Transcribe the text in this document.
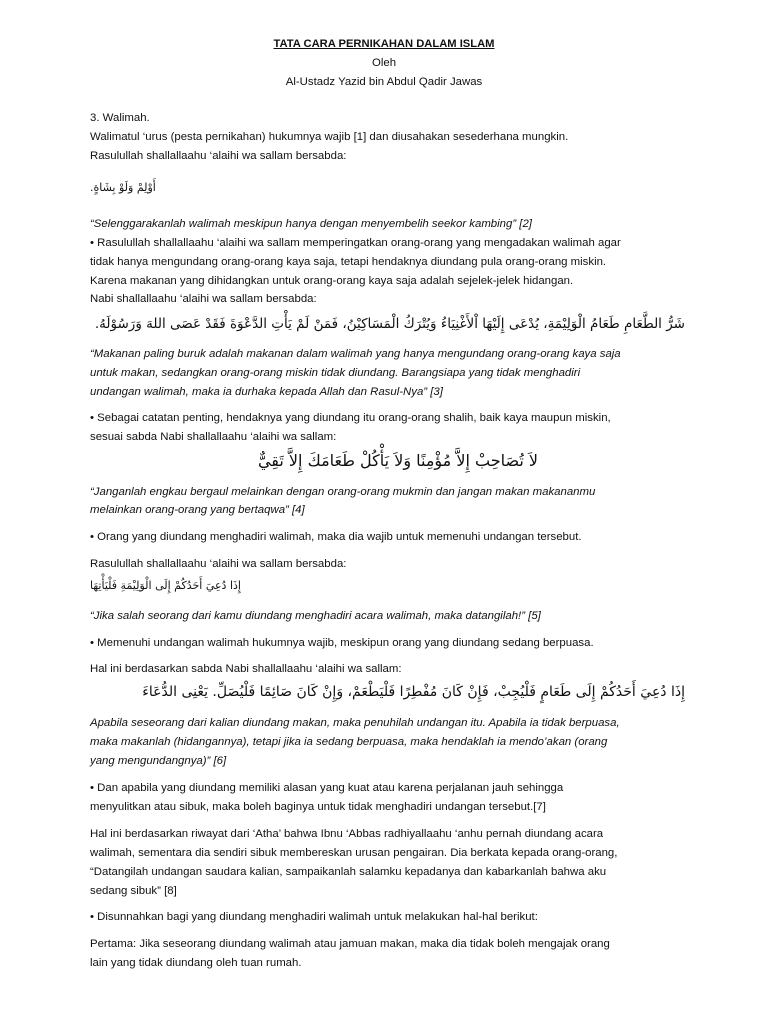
TATA CARA PERNIKAHAN DALAM ISLAM
Oleh
Al-Ustadz Yazid bin Abdul Qadir Jawas
3. Walimah.
Walimatul ‘urus (pesta pernikahan) hukumnya wajib [1] dan diusahakan sesederhana mungkin.
Rasulullah shallallaahu ‘alaihi wa sallam bersabda:
أَوْلِمْ وَلَوْ بِشَاةٍ.
“Selenggarakanlah walimah meskipun hanya dengan menyembelih seekor kambing” [2]
• Rasulullah shallallaahu ‘alaihi wa sallam memperingatkan orang-orang yang mengadakan walimah agar
tidak hanya mengundang orang-orang kaya saja, tetapi hendaknya diundang pula orang-orang miskin.
Karena makanan yang dihidangkan untuk orang-orang kaya saja adalah sejelek-jelek hidangan.
Nabi shallallaahu ‘alaihi wa sallam bersabda:
شَرُّ الطَّعَامِ طَعَامُ الْوَلِيْمَةِ، يُدْعَى إِلَيْهَا اْلأَغْنِيَاءُ وَيُتْرَكُ الْمَسَاكِيْنُ، فَمَنْ لَمْ يَأْتِ الدَّعْوَةَ فَقَدْ عَصَى اللهَ وَرَسُوْلَهُ.
“Makanan paling buruk adalah makanan dalam walimah yang hanya mengundang orang-orang kaya saja
untuk makan, sedangkan orang-orang miskin tidak diundang. Barangsiapa yang tidak menghadiri
undangan walimah, maka ia durhaka kepada Allah dan Rasul-Nya” [3]
• Sebagai catatan penting, hendaknya yang diundang itu orang-orang shalih, baik kaya maupun miskin,
sesuai sabda Nabi shallallaahu ‘alaihi wa sallam:
لاَ تُصَاحِبْ إِلاَّ مُؤْمِنًا وَلاَ يَأْكُلْ طَعَامَكَ إِلاَّ تَقِيٌّ
“Janganlah engkau bergaul melainkan dengan orang-orang mukmin dan jangan makan makananmu
melainkan orang-orang yang bertaqwa” [4]
• Orang yang diundang menghadiri walimah, maka dia wajib untuk memenuhi undangan tersebut.
Rasulullah shallallaahu ‘alaihi wa sallam bersabda:
إِذَا دُعِيَ أَحَدُكُمْ إِلَى الْوَلِيْمَةِ فَلْيَأْتِهَا
“Jika salah seorang dari kamu diundang menghadiri acara walimah, maka datangilah!” [5]
• Memenuhi undangan walimah hukumnya wajib, meskipun orang yang diundang sedang berpuasa.
Hal ini berdasarkan sabda Nabi shallallaahu ‘alaihi wa sallam:
إِذَا دُعِيَ أَحَدُكُمْ إِلَى طَعَامٍ فَلْيُجِبْ، فَإِنْ كَانَ مُفْطِرًا فَلْيَطْعَمْ، وَإِنْ كَانَ صَائِمًا فَلْيُصَلِّ. يَعْنِى الدُّعَاءَ
Apabila seseorang dari kalian diundang makan, maka penuhilah undangan itu. Apabila ia tidak berpuasa,
maka makanlah (hidangannya), tetapi jika ia sedang berpuasa, maka hendaklah ia mendo’akan (orang
yang mengundangnya)” [6]
• Dan apabila yang diundang memiliki alasan yang kuat atau karena perjalanan jauh sehingga
menyulitkan atau sibuk, maka boleh baginya untuk tidak menghadiri undangan tersebut.[7]
Hal ini berdasarkan riwayat dari ‘Atha’ bahwa Ibnu ‘Abbas radhiyallaahu ‘anhu pernah diundang acara
walimah, sementara dia sendiri sibuk membereskan urusan pengairan. Dia berkata kepada orang-orang,
“Datangilah undangan saudara kalian, sampaikanlah salamku kepadanya dan kabarkanlah bahwa aku
sedang sibuk” [8]
• Disunnahkan bagi yang diundang menghadiri walimah untuk melakukan hal-hal berikut:
Pertama: Jika seseorang diundang walimah atau jamuan makan, maka dia tidak boleh mengajak orang
lain yang tidak diundang oleh tuan rumah.
